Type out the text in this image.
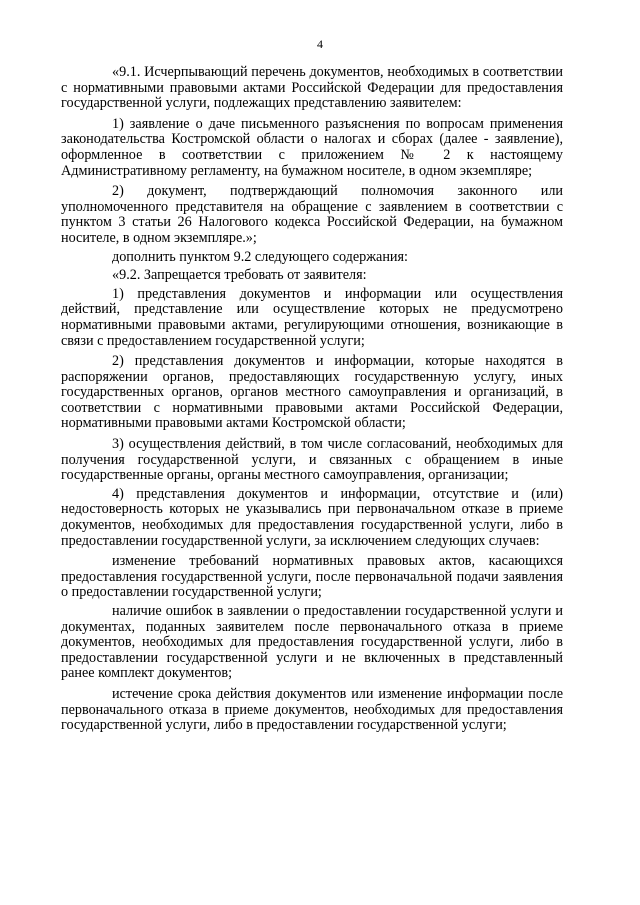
4

«9.1. Исчерпывающий перечень документов, необходимых в соответствии с нормативными правовыми актами Российской Федерации для предоставления государственной услуги, подлежащих представлению заявителем:

1) заявление о даче письменного разъяснения по вопросам применения законодательства Костромской области о налогах и сборах (далее - заявление), оформленное в соответствии с приложением № 2 к настоящему Административному регламенту, на бумажном носителе, в одном экземпляре;

2) документ, подтверждающий полномочия законного или уполномоченного представителя на обращение с заявлением в соответствии с пунктом 3 статьи 26 Налогового кодекса Российской Федерации, на бумажном носителе, в одном экземпляре.»;

дополнить пунктом 9.2 следующего содержания:

«9.2. Запрещается требовать от заявителя:

1) представления документов и информации или осуществления действий, представление или осуществление которых не предусмотрено нормативными правовыми актами, регулирующими отношения, возникающие в связи с предоставлением государственной услуги;

2) представления документов и информации, которые находятся в распоряжении органов, предоставляющих государственную услугу, иных государственных органов, органов местного самоуправления и организаций, в соответствии с нормативными правовыми актами Российской Федерации, нормативными правовыми актами Костромской области;

3) осуществления действий, в том числе согласований, необходимых для получения государственной услуги, и связанных с обращением в иные государственные органы, органы местного самоуправления, организации;

4) представления документов и информации, отсутствие и (или) недостоверность которых не указывались при первоначальном отказе в приеме документов, необходимых для предоставления государственной услуги, либо в предоставлении государственной услуги, за исключением следующих случаев:

изменение требований нормативных правовых актов, касающихся предоставления государственной услуги, после первоначальной подачи заявления о предоставлении государственной услуги;

наличие ошибок в заявлении о предоставлении государственной услуги и документах, поданных заявителем после первоначального отказа в приеме документов, необходимых для предоставления государственной услуги, либо в предоставлении государственной услуги и не включенных в представленный ранее комплект документов;

истечение срока действия документов или изменение информации после первоначального отказа в приеме документов, необходимых для предоставления государственной услуги, либо в предоставлении государственной услуги;
